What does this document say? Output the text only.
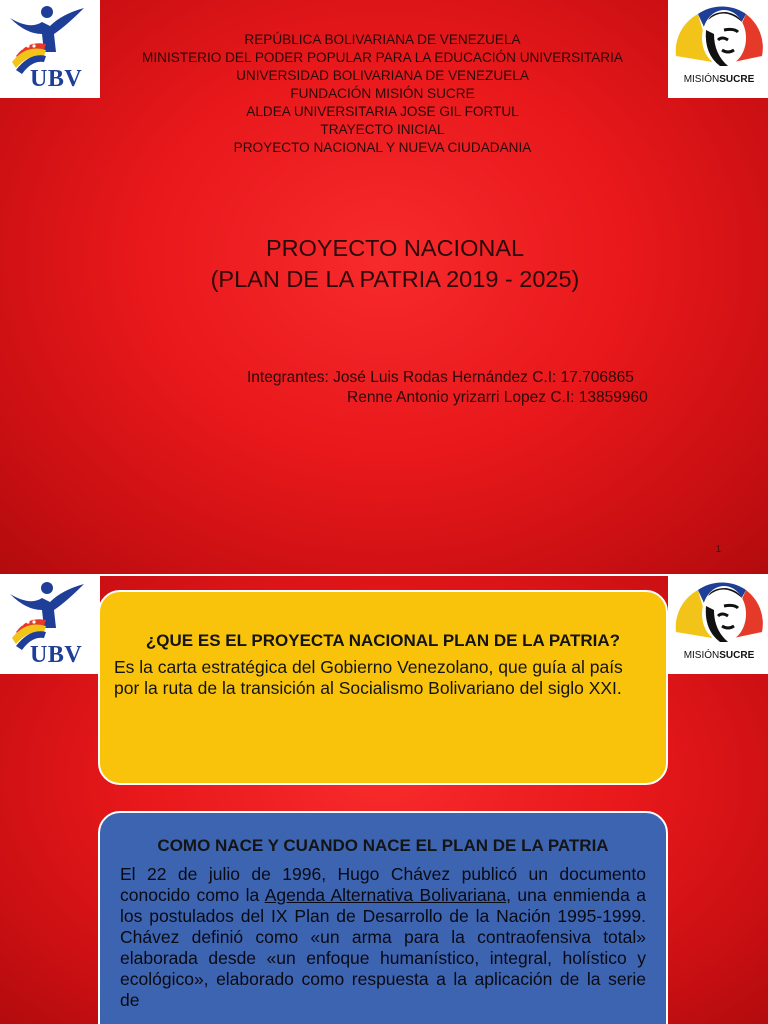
UBV	MISIÓNSUCRE
REPÚBLICA BOLIVARIANA DE VENEZUELA
MINISTERIO DEL PODER POPULAR PARA LA EDUCACIÓN UNIVERSITARIA
UNIVERSIDAD BOLIVARIANA DE VENEZUELA
FUNDACIÓN MISIÓN SUCRE
ALDEA UNIVERSITARIA JOSE GIL FORTUL
TRAYECTO INICIAL
PROYECTO NACIONAL Y NUEVA CIUDADANIA
PROYECTO NACIONAL
(PLAN DE LA PATRIA 2019 - 2025)
Integrantes: José Luis Rodas Hernández C.I: 17.706865
Renne Antonio yrizarri Lopez C.I: 13859960
1
UBV	MISIÓNSUCRE
¿QUE ES EL PROYECTA NACIONAL PLAN DE LA PATRIA?

Es la carta estratégica del Gobierno Venezolano, que guía al país por la ruta de la transición al Socialismo Bolivariano del siglo XXI.

COMO NACE Y CUANDO NACE EL PLAN DE LA PATRIA

El 22 de julio de 1996, Hugo Chávez publicó un documento conocido como la Agenda Alternativa Bolivariana, una enmienda a los postulados del IX Plan de Desarrollo de la Nación 1995-1999. Chávez definió como «un arma para la contraofensiva total» elaborada desde «un enfoque humanístico, integral, holístico y ecológico», elaborado como respuesta a la aplicación de la serie de
